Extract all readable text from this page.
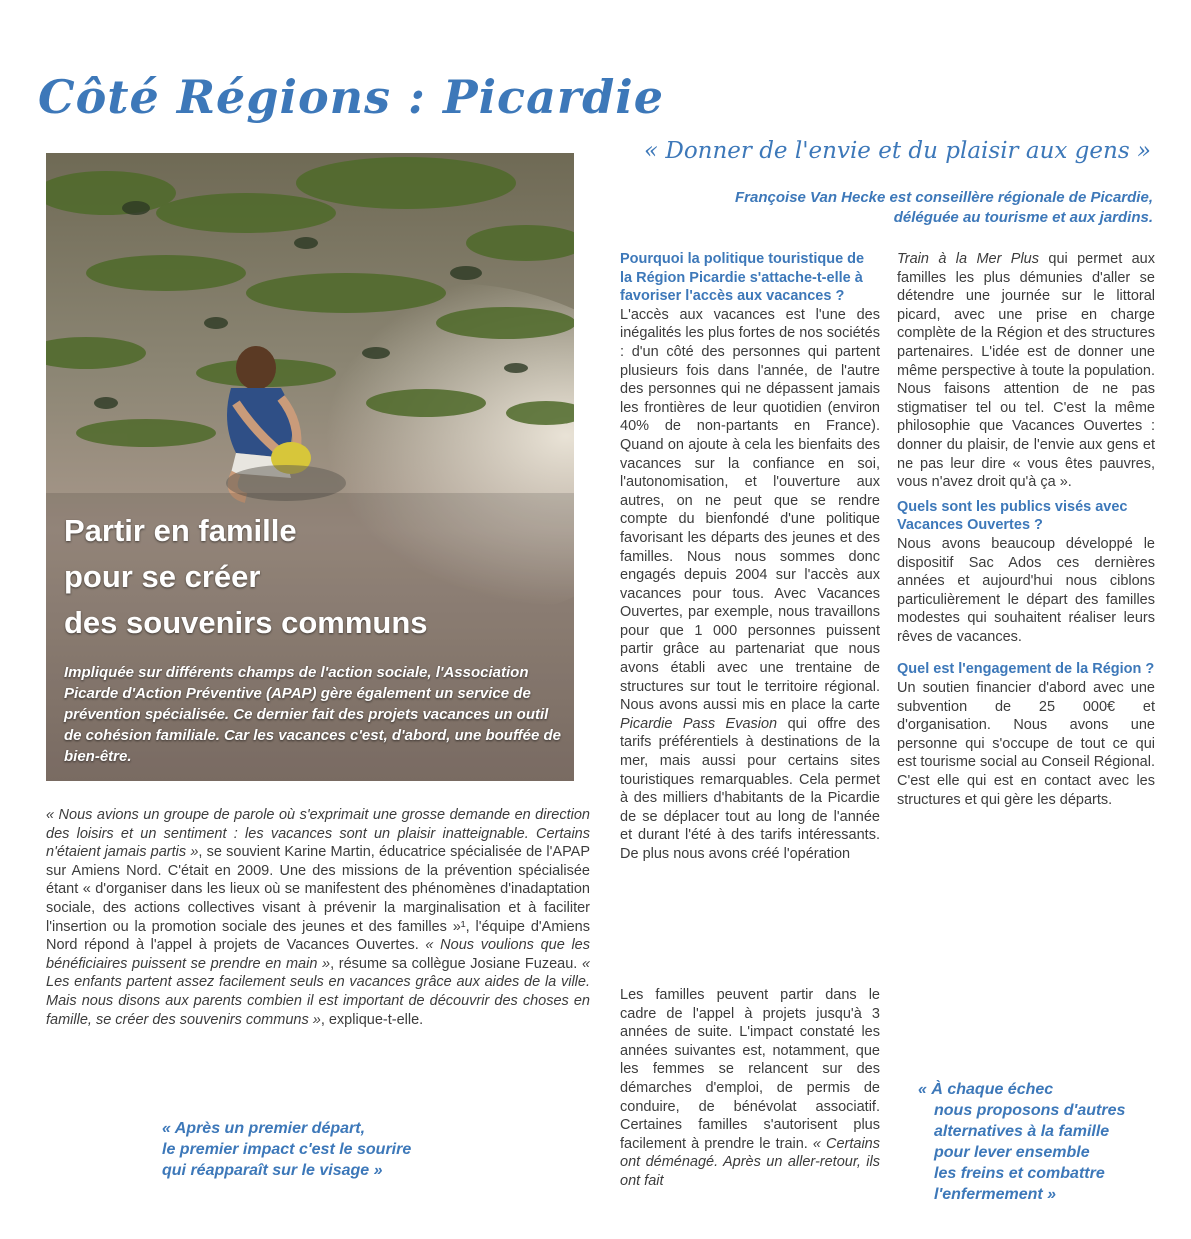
Côté Régions : Picardie
« Donner de l'envie et du plaisir aux gens »
Françoise Van Hecke est conseillère régionale de Picardie,
déléguée au tourisme et aux jardins.
Partir en famille
pour se créer
des souvenirs communs
Impliquée sur différents champs de l'action sociale, l'Association Picarde d'Action Préventive (APAP) gère également un service de prévention spécialisée. Ce dernier fait des projets vacances un outil de cohésion familiale. Car les vacances c'est, d'abord, une bouffée de bien-être.

« Nous avions un groupe de parole où s'exprimait une grosse demande en direction des loisirs et un sentiment : les vacances sont un plaisir inatteignable. Certains n'étaient jamais partis », se souvient Karine Martin, éducatrice spécialisée de l'APAP sur Amiens Nord. C'était en 2009. Une des missions de la prévention spécialisée étant « d'organiser dans les lieux où se manifestent des phénomènes d'inadaptation sociale, des actions collectives visant à prévenir la marginalisation et à faciliter l'insertion ou la promotion sociale des jeunes et des familles »¹, l'équipe d'Amiens Nord répond à l'appel à projets de Vacances Ouvertes. « Nous voulions que les bénéficiaires puissent se prendre en main », résume sa collègue Josiane Fuzeau. « Les enfants partent assez facilement seuls en vacances grâce aux aides de la ville. Mais nous disons aux parents combien il est important de découvrir des choses en famille, se créer des souvenirs communs », explique-t-elle.

« Après un premier départ,
le premier impact c'est le sourire
qui réapparaît sur le visage »

Pourquoi la politique touristique de la Région Picardie s'attache-t-elle à favoriser l'accès aux vacances ?

L'accès aux vacances est l'une des inégalités les plus fortes de nos sociétés : d'un côté des personnes qui partent plusieurs fois dans l'année, de l'autre des personnes qui ne dépassent jamais les frontières de leur quotidien (environ 40% de non-partants en France). Quand on ajoute à cela les bienfaits des vacances sur la confiance en soi, l'autonomisation, et l'ouverture aux autres, on ne peut que se rendre compte du bienfondé d'une politique favorisant les départs des jeunes et des familles. Nous nous sommes donc engagés depuis 2004 sur l'accès aux vacances pour tous. Avec Vacances Ouvertes, par exemple, nous travaillons pour que 1 000 personnes puissent partir grâce au partenariat que nous avons établi avec une trentaine de structures sur tout le territoire régional. Nous avons aussi mis en place la carte Picardie Pass Evasion qui offre des tarifs préférentiels à destinations de la mer, mais aussi pour certains sites touristiques remarquables. Cela permet à des milliers d'habitants de la Picardie de se déplacer tout au long de l'année et durant l'été à des tarifs intéressants. De plus nous avons créé l'opération

Train à la Mer Plus qui permet aux familles les plus démunies d'aller se détendre une journée sur le littoral picard, avec une prise en charge complète de la Région et des structures partenaires. L'idée est de donner une même perspective à toute la population. Nous faisons attention de ne pas stigmatiser tel ou tel. C'est la même philosophie que Vacances Ouvertes : donner du plaisir, de l'envie aux gens et ne pas leur dire « vous êtes pauvres, vous n'avez droit qu'à ça ».

Quels sont les publics visés avec Vacances Ouvertes ?

Nous avons beaucoup développé le dispositif Sac Ados ces dernières années et aujourd'hui nous ciblons particulièrement le départ des familles modestes qui souhaitent réaliser leurs rêves de vacances.

Quel est l'engagement de la Région ?

Un soutien financier d'abord avec une subvention de 25 000€ et d'organisation. Nous avons une personne qui s'occupe de tout ce qui est tourisme social au Conseil Régional. C'est elle qui est en contact avec les structures et qui gère les départs.

Les familles peuvent partir dans le cadre de l'appel à projets jusqu'à 3 années de suite. L'impact constaté les années suivantes est, notamment, que les femmes se relancent sur des démarches d'emploi, de permis de conduire, de bénévolat associatif. Certaines familles s'autorisent plus facilement à prendre le train. « Certains ont déménagé. Après un aller-retour, ils ont fait

« À chaque échec
nous proposons d'autres
alternatives à la famille
pour lever ensemble
les freins et combattre
l'enfermement »
